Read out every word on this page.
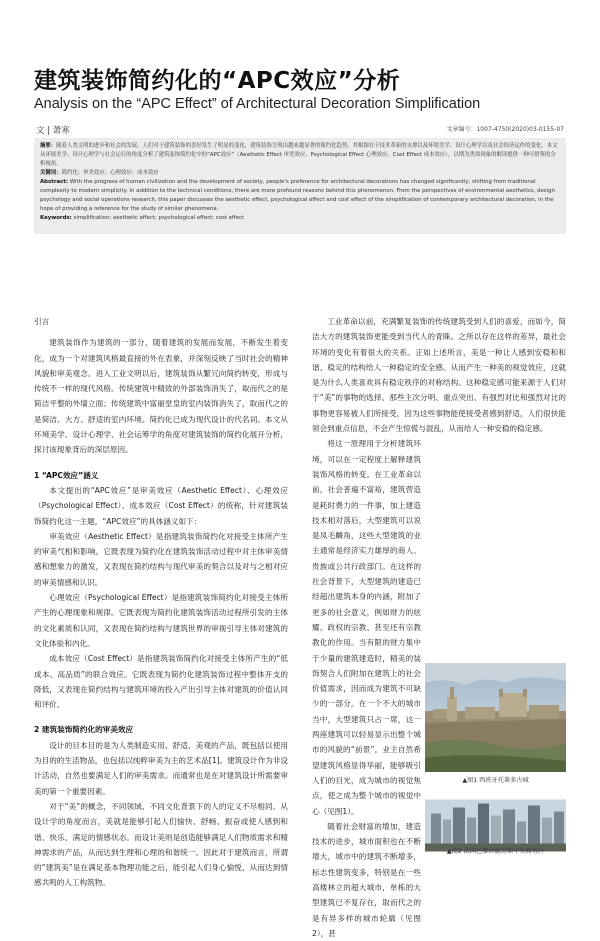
建筑装饰简约化的“APC效应”分析
Analysis on the “APC Effect” of Architectural Decoration Simplification
文 | 萧寒	文章编号：1007-4750(2020)03-0155-07
摘要：随着人类文明的进步和社会的发展，人们对于建筑装饰的喜好发生了明显的变化，建筑装饰呈现出越来越显著的简约化趋势。其根源在于技术革新的支撑以及环境美学、设计心理学以及社会经济运作的变化。本文从环境美学、设计心理学与社会运行的角度分析了建筑装饰简约化中的“APC效应”（Aesthetic Effect 审美效应、Psychological Effect 心理效应、Cost Effect 成本效应），以期为类似现象的解读提供一种可借鉴的分析视角。
关键词：简约化；审美效应；心理效应；成本效应
Abstract: With the progress of human civilization and the development of society, people's preference for architectural decorations has changed significantly, shifting from traditional complexity to modern simplicity. In addition to the technical conditions, there are more profound reasons behind this phenomenon. From the perspectives of environmental aesthetics, design psychology and social operations research, this paper discusses the aesthetic effect, psychological effect and cost effect of the simplification of contemporary architectural decoration, in the hope of providing a reference for the study of similar phenomena.
Keywords: simplification; aesthetic effect; psychological effect; cost effect
引言

建筑装饰作为建筑的一部分，随着建筑的发展而发展，不断发生着变化，成为一个对建筑风格最直接的外在表象，并深刻反映了当时社会的精神风貌和审美观念。进入工业文明以后，建筑装饰从繁冗向简约转变，形成与传统不一样的现代风格。传统建筑中精致的外部装饰消失了，取而代之的是简洁平整的外墙立面；传统建筑中富丽堂皇的室内装饰消失了，取而代之的是简洁、大方、舒适的室内环境。简约化已成为现代设计的代名词。本文从环境美学、设计心理学、社会运筹学的角度对建筑装饰的简约化展开分析，探讨该现象背后的深层原因。

1 “APC效应”涵义

本文提出的“APC效应”是审美效应（Aesthetic Effect）、心理效应（Psychological Effect）、成本效应（Cost Effect）的统称，针对建筑装饰简约化这一主题，“APC效应”的具体涵义如下：

审美效应（Aesthetic Effect）是指建筑装饰简约化对接受主体所产生的审美气相和影响。它既表现为简约化在建筑装饰活动过程中对主体审美情感和想象力的激发，又表现在简约结构与现代审美的契合以及对与之相对应的审美情感和认识。

心理效应（Psychological Effect）是指建筑装饰简约化对接受主体所产生的心理现象和规律。它既表现为简约化建筑装饰活动过程所引发的主体的文化素质和认同，又表现在简约结构与建筑世界的审视引导主体对建筑的文化体验和内化。

成本效应（Cost Effect）是指建筑装饰简约化对接受主体所产生的“低成本、高品质”的联合效应。它既表现为简约化建筑装饰过程中整体开支的降低，又表现在简约结构与建筑环境的投入产出引导主体对建筑的价值认同和评价。

2 建筑装饰简约化的审美效应

设计的目本目的是为人类制造实用、舒适、美观的产品，既包括以使用为目的的生活物品，也包括以纯粹审美为主的艺术品[1]。建筑设计作为非设计活动，自然也要满足人们的审美需求。而通常也是在对建筑设计所需要审美的第一个重要因素。

对于“美”的概念，不同领域、不同文化背景下的人的定义不尽相同。从设计学的角度而言，美就是能够引起人们愉快、舒畅、振奋或使人感到和谐、快乐、满足的情感状态。而设计美则是创造能够满足人们物质需求和精神需求的产品，从而达到生理和心理的和谐统一。因此对于建筑而言，所谓的“建筑美”是在满足基本物理功能之后，能引起人们身心愉悦，从而达到情感共鸣的人工构筑物。

工业革命以前，充满繁复装饰的传统建筑受到人们的喜爱，而如今，简洁大方的建筑装饰更能受到当代人的青睐。之所以存在这样的差异，最社会环境的变化有着很大的关系。正如上述所言，美是一种让人感到安稳和和谐、稳定的结构给人一种稳定的安全感。从而产生一种美的视觉效应，这就是为什么人类喜欢具有稳定秩序的对称结构。这种稳定感可能来源于人们对于“美”的事物的选择。那些主次分明、重点突出、有强烈对比和强烈对比的事物更容易被人们所接受，因为这些事物能使接受者感到舒适，人们很快能领会到重点信息，不会产生惊慌与混乱，从而给人一种安稳的稳定感。

将这一原理用于分析建筑环境，可以在一定程度上解释建筑装饰风格的转变。在工业革命以前，社会普遍不富裕，建筑营造是耗时费力的一件事，加上建造技术相对落后，大型建筑可以说是凤毛麟角，这些大型建筑的业主通常是经济实力雄厚的商人、贵族或公共行政部门。在这样的社会背景下，大型建筑的建造已经超出建筑本身的内涵，附加了更多的社会意义，例如财力的炫耀、政权的宗教、甚至还有宗教教化的作用。当有限的财力集中于少量的建筑建造时，精美的装饰契合人们附加在建筑上的社会价值需求，因而成为建筑不可缺少的一部分。在一个不大的城市当中，大型建筑只占一席，这一两座建筑可以轻易显示出整个城市的风貌的“前景”，业主自然希望建筑风格显得华丽，能够吸引人们的目光，成为城市的视觉焦点，使之成为整个城市的视觉中心（见图1）。

随着社会财富的增加，建造技术的进步，城市面积也在不断增大，城市中的建筑不断增多，标志性建筑变多，特别是在一些高楼林立的超大城市，单栋的大型建筑已不复存在，取而代之的是有异多样的城市轮廓（见图2），甚

▲图1 西班牙托莱多古城
▲图2 法国巴黎拉德芳斯中央商务区
